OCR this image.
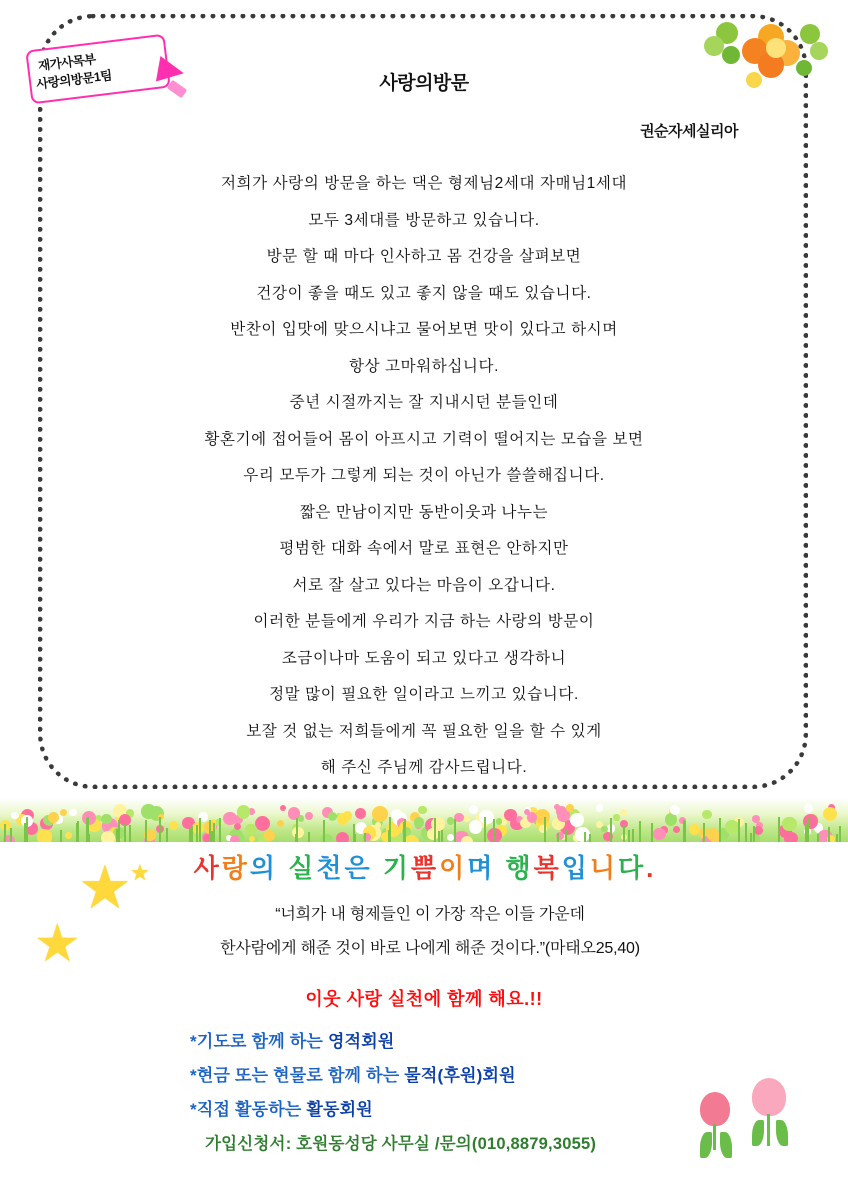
재가사목부
사랑의방문1팀	사랑의방문
권순자세실리아
저희가 사랑의 방문을 하는 댁은 형제님2세대 자매님1세대
모두 3세대를 방문하고 있습니다.
방문 할 때 마다 인사하고 몸 건강을 살펴보면
건강이 좋을 때도 있고 좋지 않을 때도 있습니다.
반찬이 입맛에 맞으시냐고 물어보면 맛이 있다고 하시며
항상 고마워하십니다.
중년 시절까지는 잘 지내시던 분들인데
황혼기에 접어들어 몸이 아프시고 기력이 떨어지는 모습을 보면
우리 모두가 그렇게 되는 것이 아닌가 쓸쓸해집니다.
짧은 만남이지만 동반이웃과 나누는
평범한 대화 속에서 말로 표현은 안하지만
서로 잘 살고 있다는 마음이 오갑니다.
이러한 분들에게 우리가 지금 하는 사랑의 방문이
조금이나마 도움이 되고 있다고 생각하니
정말 많이 필요한 일이라고 느끼고 있습니다.
보잘 것 없는 저희들에게 꼭 필요한 일을 할 수 있게
해 주신 주님께 감사드립니다.
사랑의 실천은 기쁨이며 행복입니다.
★
★
★
“너희가 내 형제들인 이 가장 작은 이들 가운데
한사람에게 해준 것이 바로 나에게 해준 것이다.”(마태오25,40)
이웃 사랑 실천에 함께 해요.!!
*기도로 함께 하는 영적회원
*현금 또는 현물로 함께 하는 물적(후원)회원
*직접 활동하는 활동회원
가입신청서: 호원동성당 사무실 /문의(010,8879,3055)
